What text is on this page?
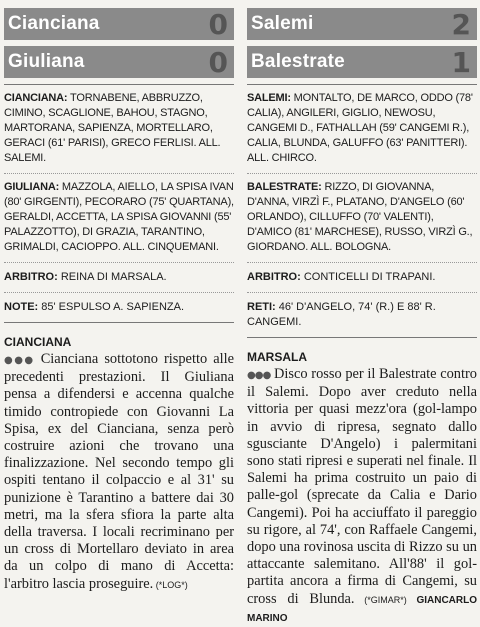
Cianciana	0
Giuliana	0
CIANCIANA: TORNABENE, ABBRUZZO, CIMINO, SCAGLIONE, BAHOU, STAGNO, MARTORANA, SAPIENZA, MORTELLARO, GERACI (61' PARISI), GRECO FERLISI. ALL. SALEMI.
GIULIANA: MAZZOLA, AIELLO, LA SPISA IVAN (80' GIRGENTI), PECORARO (75' QUARTANA), GERALDI, ACCETTA, LA SPISA GIOVANNI (55' PALAZZOTTO), DI GRAZIA, TARANTINO, GRIMALDI, CACIOPPO. ALL. CINQUEMANI.
ARBITRO: REINA DI MARSALA.
NOTE: 85' ESPULSO A. SAPIENZA.
CIANCIANA
●●● Cianciana sottotono rispetto alle precedenti prestazioni. Il Giuliana pensa a difendersi e accenna qualche timido contropiede con Giovanni La Spisa, ex del Cianciana, senza però costruire azioni che trovano una finalizzazione. Nel secondo tempo gli ospiti tentano il colpaccio e al 31' su punizione è Tarantino a battere dai 30 metri, ma la sfera sfiora la parte alta della traversa. I locali recriminano per un cross di Mortellaro deviato in area da un colpo di mano di Accetta: l'arbitro lascia proseguire. (*LOG*)
Salemi	2
Balestrate	1
SALEMI: MONTALTO, DE MARCO, ODDO (78' CALIA), ANGILERI, GIGLIO, NEWOSU, CANGEMI D., FATHALLAH (59' CANGEMI R.), CALIA, BLUNDA, GALUFFO (63' PANITTERI). ALL. CHIRCO.
BALESTRATE: RIZZO, DI GIOVANNA, D'ANNA, VIRZÌ F., PLATANO, D'ANGELO (60' ORLANDO), CILLUFFO (70' VALENTI), D'AMICO (81' MARCHESE), RUSSO, VIRZÌ G., GIORDANO. ALL. BOLOGNA.
ARBITRO: CONTICELLI DI TRAPANI.
RETI: 46' D'ANGELO, 74' (R.) E 88' R. CANGEMI.
MARSALA
●●● Disco rosso per il Balestrate contro il Salemi. Dopo aver creduto nella vittoria per quasi mezz'ora (gol-lampo in avvio di ripresa, segnato dallo sgusciante D'Angelo) i palermitani sono stati ripresi e superati nel finale. Il Salemi ha prima costruito un paio di palle-gol (sprecate da Calia e Dario Cangemi). Poi ha acciuffato il pareggio su rigore, al 74', con Raffaele Cangemi, dopo una rovinosa uscita di Rizzo su un attaccante salemitano. All'88' il gol-partita ancora a firma di Cangemi, su cross di Blunda. (*GIMAR*) GIANCARLO MARINO
